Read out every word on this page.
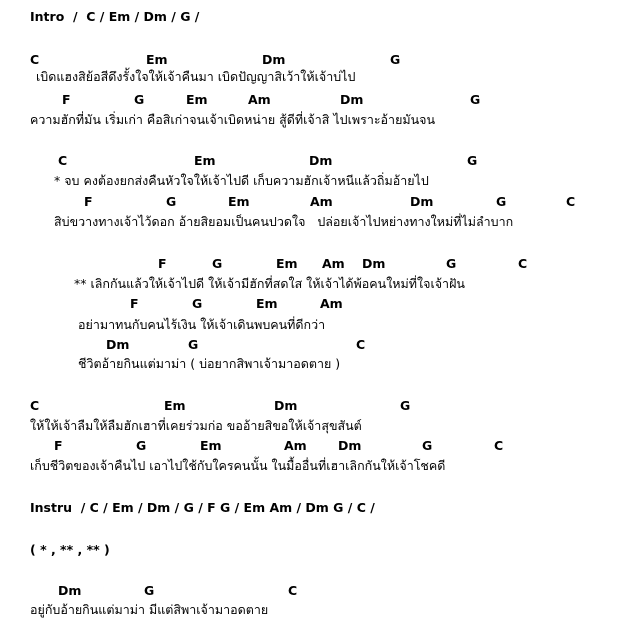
Intro  /  C / Em / Dm / G /
C	Em	Dm	G
เบิดแฮงสิย้อสีดึงรั้งใจให้เจ้าคืนมา เบิดปัญญาสิเว้าให้เจ้าบ่ไป
F	G	Em	Am	Dm	G
ความฮักที่มัน เริ่มเก่า คือสิเก่าจนเจ้าเบิดหน่าย สู้ดีที่เจ้าสิ ไปเพราะอ้ายมันจน
C	Em	Dm	G
* จบ คงต้องยกส่งคืนหัวใจให้เจ้าไปดี เก็บความฮักเจ้าหนีแล้วถิ่มอ้ายไป
F	G	Em	Am	Dm	G	C
สิบ่ขวางทางเจ้าไว้ดอก อ้ายสิยอมเป็นคนปวดใจ   ปล่อยเจ้าไปหย่างทางใหม่ที่ไม่ลำบาก
F	G	Em Am Dm	G	C
** เลิกกันแล้วให้เจ้าไปดี ให้เจ้ามีฮักที่สดใส ให้เจ้าได้พ้อคนใหม่ที่ใจเจ้าฝัน
F	G	Em	Am
อย่ามาทนกับคนไร้เงิน ให้เจ้าเดินพบคนที่ดีกว่า
Dm	G	C
ชีวิตอ้ายกินแต่มาม่า ( บ่อยากสิพาเจ้ามาอดตาย )
C	Em	Dm	G
ให้ให้เจ้าลืมให้ลืมฮักเฮาที่เคยร่วมก่อ ขออ้ายสิขอให้เจ้าสุขสันต์
F	G	Em	Am	Dm	G	C
เก็บชีวิตของเจ้าคืนไป เอาไปใช้กับใครคนนั้น ในมื้ออื่นที่เฮาเลิกกันให้เจ้าโชคดี
Instru  / C / Em / Dm / G / F G / Em Am / Dm G / C /
( * , ** , ** )
Dm	G	C
อยู่กับอ้ายกินแต่มาม่า มีแต่สิพาเจ้ามาอดตาย
